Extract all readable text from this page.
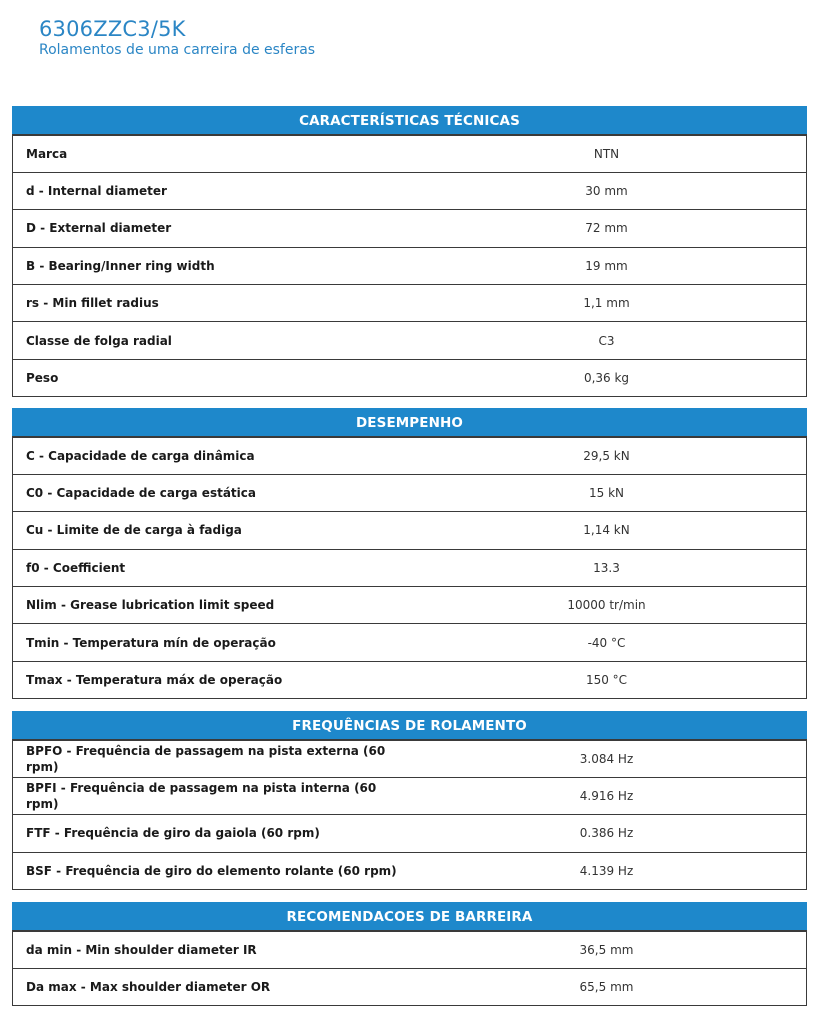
6306ZZC3/5K
Rolamentos de uma carreira de esferas
CARACTERÍSTICAS TÉCNICAS
Marca	NTN
d - Internal diameter	30 mm
D - External diameter	72 mm
B - Bearing/Inner ring width	19 mm
rs - Min fillet radius	1,1 mm
Classe de folga radial	C3
Peso	0,36 kg
DESEMPENHO
C - Capacidade de carga dinâmica	29,5 kN
C0 - Capacidade de carga estática	15 kN
Cu - Limite de de carga à fadiga	1,14 kN
f0 - Coefficient	13.3
Nlim - Grease lubrication limit speed	10000 tr/min
Tmin - Temperatura mín de operação	-40 °C
Tmax - Temperatura máx de operação	150 °C
FREQUÊNCIAS DE ROLAMENTO
BPFO - Frequência de passagem na pista externa (60 rpm)	3.084 Hz
BPFI - Frequência de passagem na pista interna (60 rpm)	4.916 Hz
FTF - Frequência de giro da gaiola (60 rpm)	0.386 Hz
BSF - Frequência de giro do elemento rolante (60 rpm)	4.139 Hz
RECOMENDACOES DE BARREIRA
da min - Min shoulder diameter IR	36,5 mm
Da max - Max shoulder diameter OR	65,5 mm
